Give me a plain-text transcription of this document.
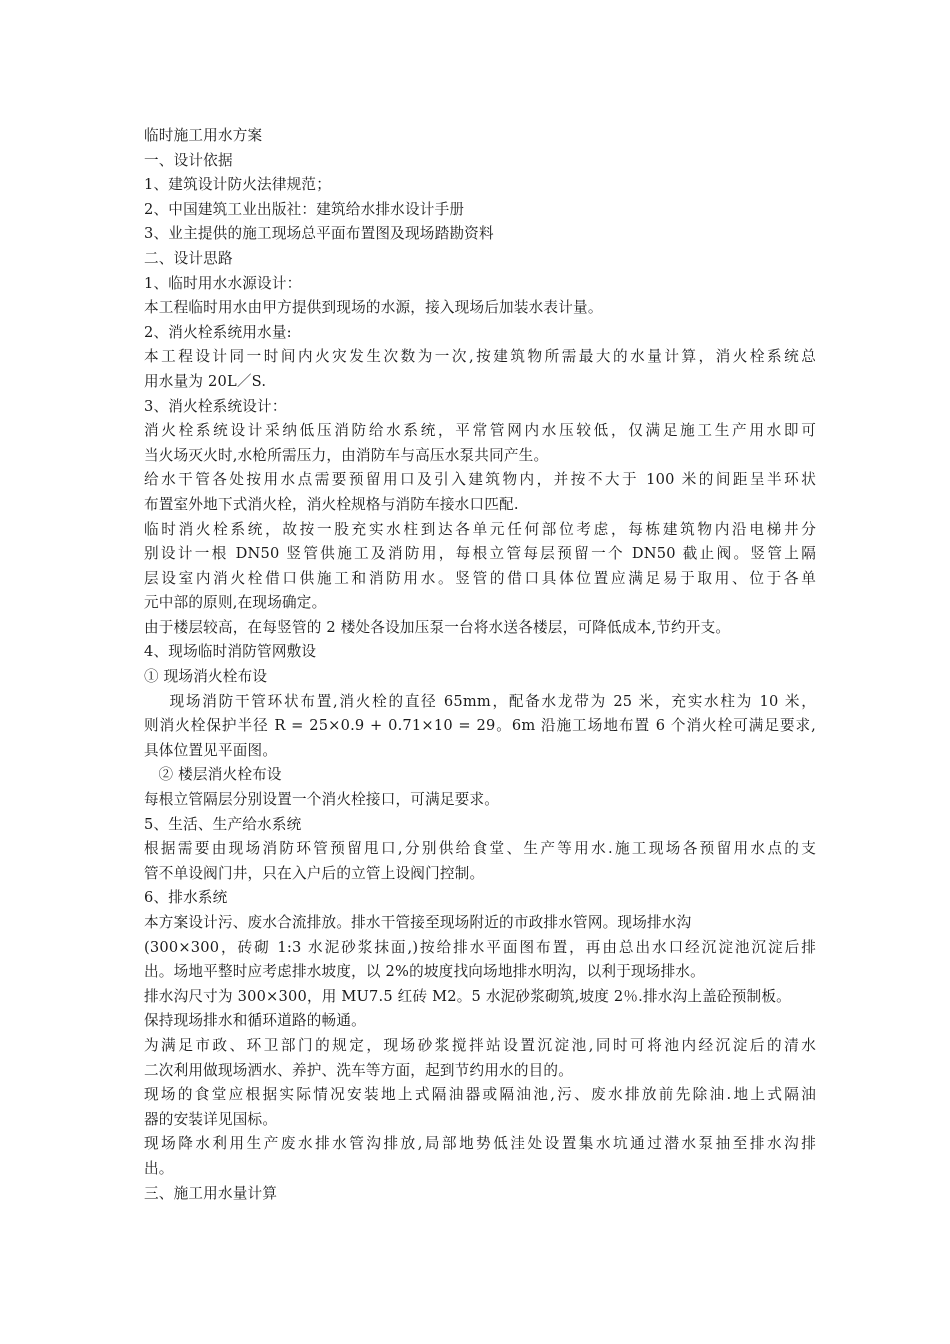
临时施工用水方案
一、设计依据
1、建筑设计防火法律规范；
2、中国建筑工业出版社：建筑给水排水设计手册
3、业主提供的施工现场总平面布置图及现场踏勘资料
二、设计思路
1、临时用水水源设计：
本工程临时用水由甲方提供到现场的水源，接入现场后加装水表计量。
2、消火栓系统用水量:
本工程设计同一时间内火灾发生次数为一次,按建筑物所需最大的水量计算，消火栓系统总
用水量为 20L／S.
3、消火栓系统设计：
消火栓系统设计采纳低压消防给水系统，平常管网内水压较低，仅满足施工生产用水即可
当火场灭火时,水枪所需压力，由消防车与高压水泵共同产生。
给水干管各处按用水点需要预留用口及引入建筑物内，并按不大于 100 米的间距呈半环状
布置室外地下式消火栓，消火栓规格与消防车接水口匹配.
临时消火栓系统，故按一股充实水柱到达各单元任何部位考虑，每栋建筑物内沿电梯井分
别设计一根 DN50 竖管供施工及消防用，每根立管每层预留一个 DN50 截止阀。竖管上隔
层设室内消火栓借口供施工和消防用水。竖管的借口具体位置应满足易于取用、位于各单
元中部的原则,在现场确定。
由于楼层较高，在每竖管的 2 楼处各设加压泵一台将水送各楼层，可降低成本,节约开支。
4、现场临时消防管网敷设
① 现场消火栓布设
现场消防干管环状布置,消火栓的直径 65mm，配备水龙带为 25 米，充实水柱为 10 米，
则消火栓保护半径 R = 25×0.9 + 0.71×10 = 29。6m 沿施工场地布置 6 个消火栓可满足要求,
具体位置见平面图。
② 楼层消火栓布设
每根立管隔层分别设置一个消火栓接口，可满足要求。
5、生活、生产给水系统
根据需要由现场消防环管预留甩口,分别供给食堂、生产等用水.施工现场各预留用水点的支
管不单设阀门井，只在入户后的立管上设阀门控制。
6、排水系统
本方案设计污、废水合流排放。排水干管接至现场附近的市政排水管网。现场排水沟
(300×300，砖砌 1:3 水泥砂浆抹面,)按给排水平面图布置，再由总出水口经沉淀池沉淀后排
出。场地平整时应考虑排水坡度，以 2%的坡度找向场地排水明沟，以利于现场排水。
排水沟尺寸为 300×300，用 MU7.5 红砖 M2。5 水泥砂浆砌筑,坡度 2％.排水沟上盖砼预制板。
保持现场排水和循环道路的畅通。
为满足市政、环卫部门的规定，现场砂浆搅拌站设置沉淀池,同时可将池内经沉淀后的清水
二次利用做现场洒水、养护、洗车等方面，起到节约用水的目的。
现场的食堂应根据实际情况安装地上式隔油器或隔油池,污、废水排放前先除油.地上式隔油
器的安装详见国标。
现场降水利用生产废水排水管沟排放,局部地势低洼处设置集水坑通过潜水泵抽至排水沟排
出。
三、施工用水量计算
